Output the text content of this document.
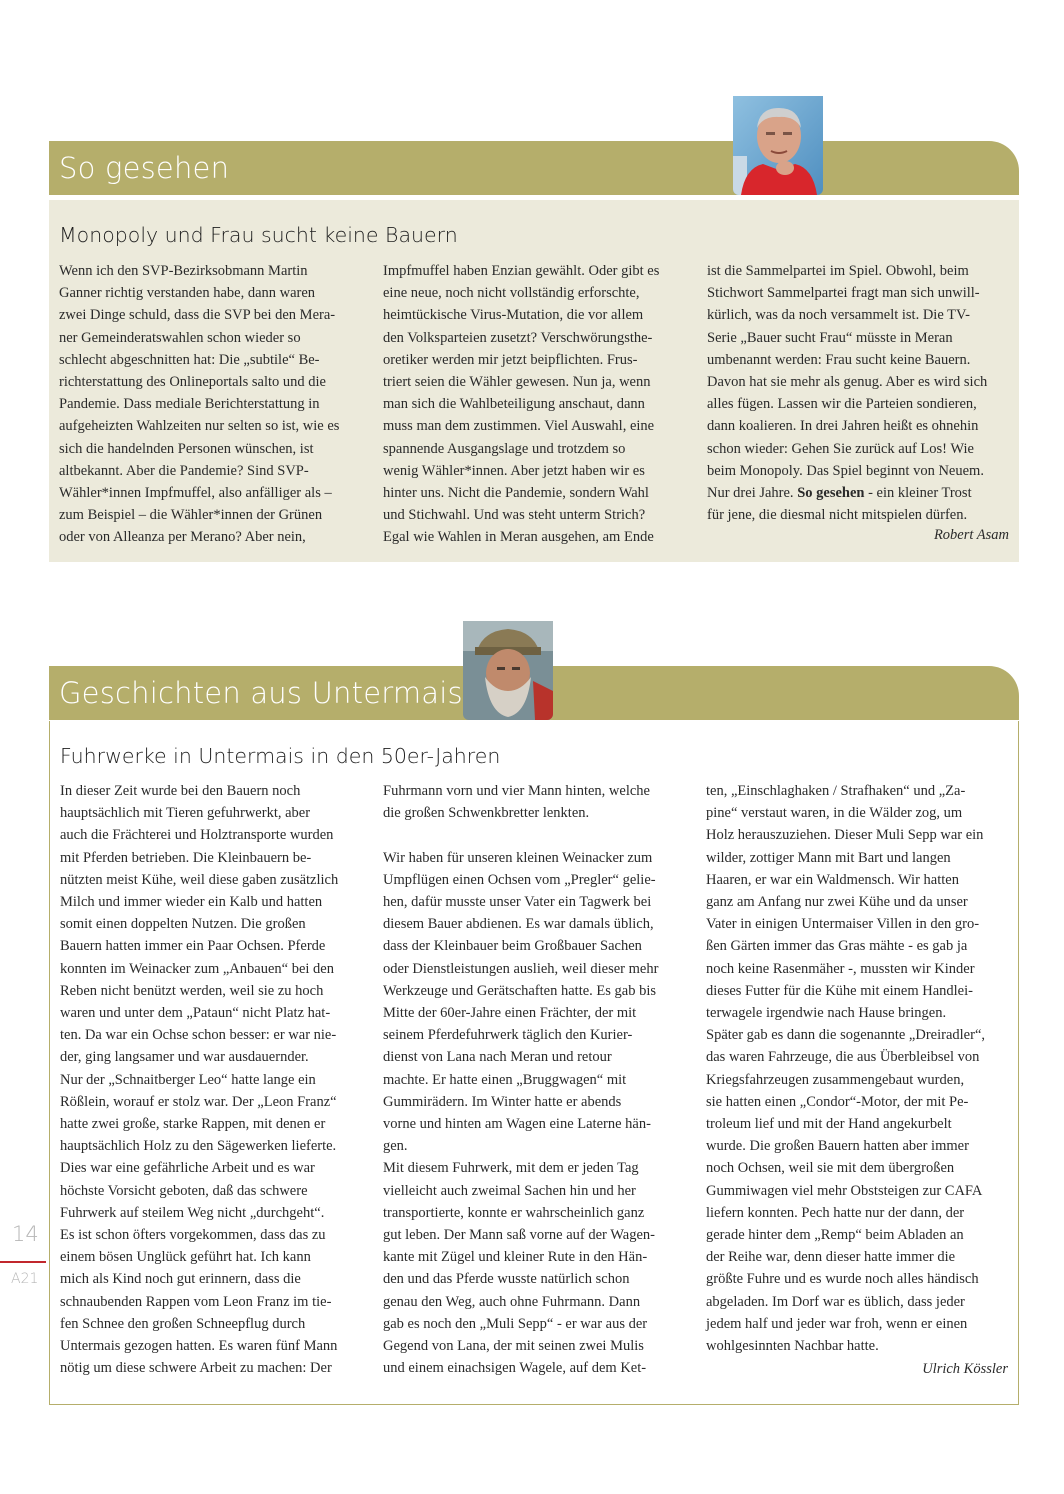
So gesehen
Monopoly und Frau sucht keine Bauern
Wenn ich den SVP-Bezirksobmann Martin
Ganner richtig verstanden habe, dann waren
zwei Dinge schuld, dass die SVP bei den Mera-
ner Gemeinderatswahlen schon wieder so
schlecht abgeschnitten hat: Die „subtile“ Be-
richterstattung des Onlineportals salto und die
Pandemie. Dass mediale Berichterstattung in
aufgeheizten Wahlzeiten nur selten so ist, wie es
sich die handelnden Personen wünschen, ist
altbekannt. Aber die Pandemie? Sind SVP-
Wähler*innen Impfmuffel, also anfälliger als –
zum Beispiel – die Wähler*innen der Grünen
oder von Alleanza per Merano? Aber nein,
Impfmuffel haben Enzian gewählt. Oder gibt es
eine neue, noch nicht vollständig erforschte,
heimtückische Virus-Mutation, die vor allem
den Volksparteien zusetzt? Verschwörungsthe-
oretiker werden mir jetzt beipflichten. Frus-
triert seien die Wähler gewesen. Nun ja, wenn
man sich die Wahlbeteiligung anschaut, dann
muss man dem zustimmen. Viel Auswahl, eine
spannende Ausgangslage und trotzdem so
wenig Wähler*innen. Aber jetzt haben wir es
hinter uns. Nicht die Pandemie, sondern Wahl
und Stichwahl. Und was steht unterm Strich?
Egal wie Wahlen in Meran ausgehen, am Ende
ist die Sammelpartei im Spiel. Obwohl, beim
Stichwort Sammelpartei fragt man sich unwill-
kürlich, was da noch versammelt ist. Die TV-
Serie „Bauer sucht Frau“ müsste in Meran
umbenannt werden: Frau sucht keine Bauern.
Davon hat sie mehr als genug. Aber es wird sich
alles fügen. Lassen wir die Parteien sondieren,
dann koalieren. In drei Jahren heißt es ohnehin
schon wieder: Gehen Sie zurück auf Los! Wie
beim Monopoly. Das Spiel beginnt von Neuem.
Nur drei Jahre. So gesehen - ein kleiner Trost
für jene, die diesmal nicht mitspielen dürfen.
Robert Asam
Geschichten aus Untermais
Fuhrwerke in Untermais in den 50er-Jahren
In dieser Zeit wurde bei den Bauern noch
hauptsächlich mit Tieren gefuhrwerkt, aber
auch die Frächterei und Holztransporte wurden
mit Pferden betrieben. Die Kleinbauern be-
nützten meist Kühe, weil diese gaben zusätzlich
Milch und immer wieder ein Kalb und hatten
somit einen doppelten Nutzen. Die großen
Bauern hatten immer ein Paar Ochsen. Pferde
konnten im Weinacker zum „Anbauen“ bei den
Reben nicht benützt werden, weil sie zu hoch
waren und unter dem „Pataun“ nicht Platz hat-
ten. Da war ein Ochse schon besser: er war nie-
der, ging langsamer und war ausdauernder.
Nur der „Schnaitberger Leo“ hatte lange ein
Rößlein, worauf er stolz war. Der „Leon Franz“
hatte zwei große, starke Rappen, mit denen er
hauptsächlich Holz zu den Sägewerken lieferte.
Dies war eine gefährliche Arbeit und es war
höchste Vorsicht geboten, daß das schwere
Fuhrwerk auf steilem Weg nicht „durchgeht“.
Es ist schon öfters vorgekommen, dass das zu
einem bösen Unglück geführt hat. Ich kann
mich als Kind noch gut erinnern, dass die
schnaubenden Rappen vom Leon Franz im tie-
fen Schnee den großen Schneepflug durch
Untermais gezogen hatten. Es waren fünf Mann
nötig um diese schwere Arbeit zu machen: Der
Fuhrmann vorn und vier Mann hinten, welche
die großen Schwenkbretter lenkten.
Wir haben für unseren kleinen Weinacker zum
Umpflügen einen Ochsen vom „Pregler“ gelie-
hen, dafür musste unser Vater ein Tagwerk bei
diesem Bauer abdienen. Es war damals üblich,
dass der Kleinbauer beim Großbauer Sachen
oder Dienstleistungen auslieh, weil dieser mehr
Werkzeuge und Gerätschaften hatte. Es gab bis
Mitte der 60er-Jahre einen Frächter, der mit
seinem Pferdefuhrwerk täglich den Kurier-
dienst von Lana nach Meran und retour
machte. Er hatte einen „Bruggwagen“ mit
Gummirädern. Im Winter hatte er abends
vorne und hinten am Wagen eine Laterne hän-
gen.
Mit diesem Fuhrwerk, mit dem er jeden Tag
vielleicht auch zweimal Sachen hin und her
transportierte, konnte er wahrscheinlich ganz
gut leben. Der Mann saß vorne auf der Wagen-
kante mit Zügel und kleiner Rute in den Hän-
den und das Pferde wusste natürlich schon
genau den Weg, auch ohne Fuhrmann. Dann
gab es noch den „Muli Sepp“ - er war aus der
Gegend von Lana, der mit seinen zwei Mulis
und einem einachsigen Wagele, auf dem Ket-
ten, „Einschlaghaken / Strafhaken“ und „Za-
pine“ verstaut waren, in die Wälder zog, um
Holz herauszuziehen. Dieser Muli Sepp war ein
wilder, zottiger Mann mit Bart und langen
Haaren, er war ein Waldmensch. Wir hatten
ganz am Anfang nur zwei Kühe und da unser
Vater in einigen Untermaiser Villen in den gro-
ßen Gärten immer das Gras mähte - es gab ja
noch keine Rasenmäher -, mussten wir Kinder
dieses Futter für die Kühe mit einem Handlei-
terwagele irgendwie nach Hause bringen.
Später gab es dann die sogenannte „Dreiradler“,
das waren Fahrzeuge, die aus Überbleibsel von
Kriegsfahrzeugen zusammengebaut wurden,
sie hatten einen „Condor“-Motor, der mit Pe-
troleum lief und mit der Hand angekurbelt
wurde. Die großen Bauern hatten aber immer
noch Ochsen, weil sie mit dem übergroßen
Gummiwagen viel mehr Obststeigen zur CAFA
liefern konnten. Pech hatte nur der dann, der
gerade hinter dem „Remp“ beim Abladen an
der Reihe war, denn dieser hatte immer die
größte Fuhre und es wurde noch alles händisch
abgeladen. Im Dorf war es üblich, dass jeder
jedem half und jeder war froh, wenn er einen
wohlgesinnten Nachbar hatte.
Ulrich Kössler
14
A21
